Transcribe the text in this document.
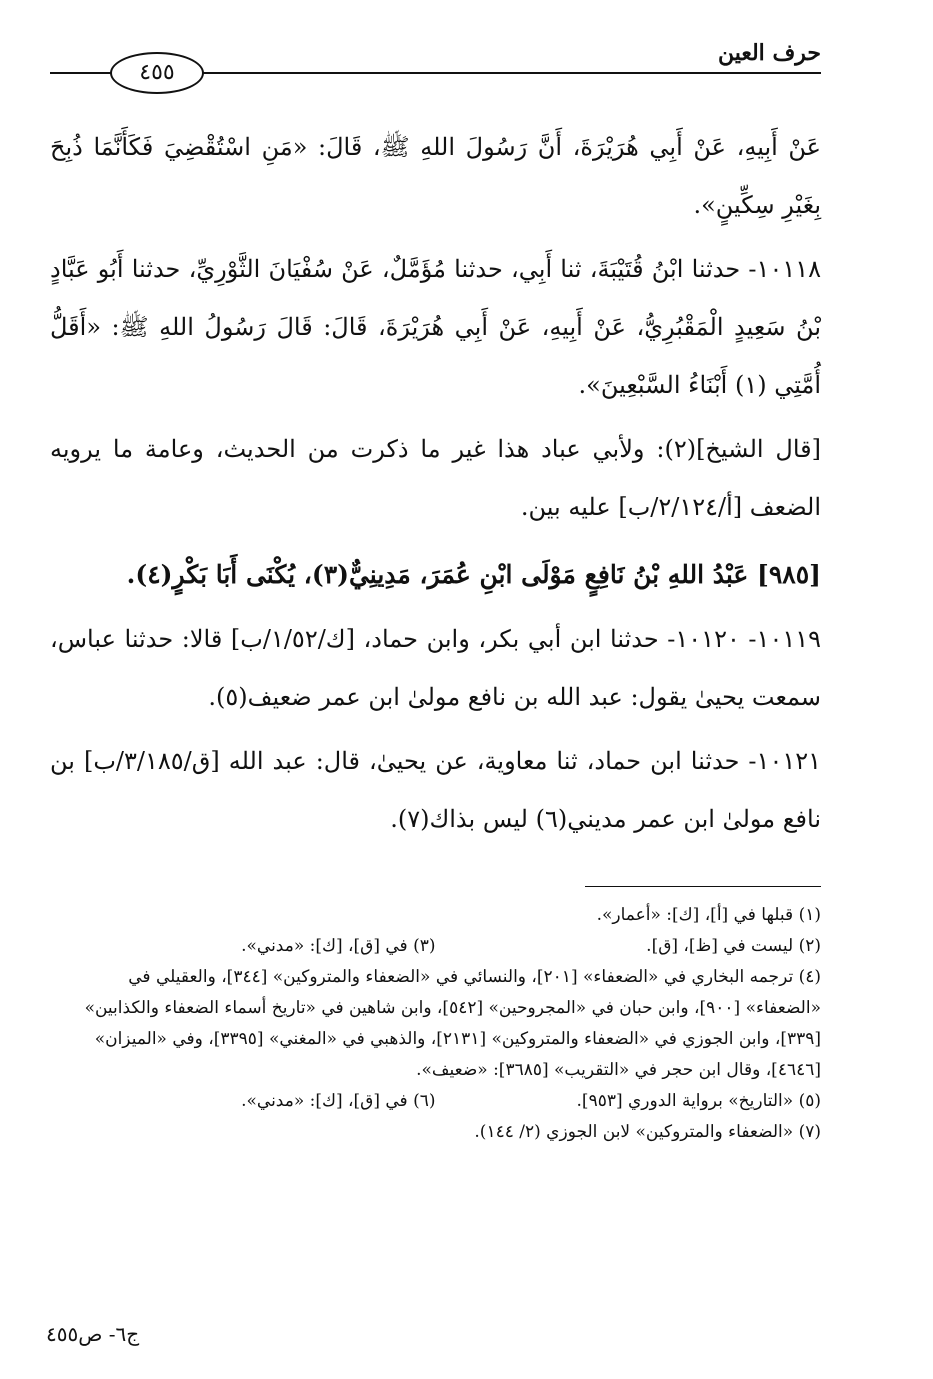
٤٥٥
حرف العين

عَنْ أَبِيهِ، عَنْ أَبِي هُرَيْرَةَ، أَنَّ رَسُولَ اللهِ ﷺ، قَالَ: «مَنِ اسْتُقْضِيَ فَكَأَنَّمَا ذُبِحَ بِغَيْرِ سِكِّينٍ».

١٠١١٨- حدثنا ابْنُ قُتَيْبَةَ، ثنا أَبِي، حدثنا مُؤَمَّلٌ، عَنْ سُفْيَانَ الثَّوْرِيِّ، حدثنا أَبُو عَبَّادٍ بْنُ سَعِيدٍ الْمَقْبُرِيُّ، عَنْ أَبِيهِ، عَنْ أَبِي هُرَيْرَةَ، قَالَ: قَالَ رَسُولُ اللهِ ﷺ: «أَقَلُّ أُمَّتِي (١) أَبْنَاءُ السَّبْعِينَ».

[قال الشيخ](٢): ولأبي عباد هذا غير ما ذكرت من الحديث، وعامة ما يرويه الضعف [أ/٢/١٢٤/ب] عليه بين.

[٩٨٥] عَبْدُ اللهِ بْنُ نَافِعٍ مَوْلَى ابْنِ عُمَرَ، مَدِينِيٌّ(٣)، يُكْنَى أَبَا بَكْرٍ(٤).

١٠١١٩- ١٠١٢٠- حدثنا ابن أبي بكر، وابن حماد، [ك/١/٥٢/ب] قالا: حدثنا عباس، سمعت يحيىٰ يقول: عبد الله بن نافع مولىٰ ابن عمر ضعيف(٥).

١٠١٢١- حدثنا ابن حماد، ثنا معاوية، عن يحيىٰ، قال: عبد الله [ق/٣/١٨٥/ب] بن نافع مولىٰ ابن عمر مديني(٦) ليس بذاك(٧).

(١) قبلها في [أ]، [ك]: «أعمار».

(٢) ليست في [ظ]، [ق].

(٣) في [ق]، [ك]: «مدني».

(٤) ترجمه البخاري في «الضعفاء» [٢٠١]، والنسائي في «الضعفاء والمتروكين» [٣٤٤]، والعقيلي في «الضعفاء» [٩٠٠]، وابن حبان في «المجروحين» [٥٤٢]، وابن شاهين في «تاريخ أسماء الضعفاء والكذابين» [٣٣٩]، وابن الجوزي في «الضعفاء والمتروكين» [٢١٣١]، والذهبي في «المغني» [٣٣٩٥]، وفي «الميزان» [٤٦٤٦]، وقال ابن حجر في «التقريب» [٣٦٨٥]: «ضعيف».

(٥) «التاريخ» برواية الدوري [٩٥٣].

(٦) في [ق]، [ك]: «مدني».

(٧) «الضعفاء والمتروكين» لابن الجوزي (٢/ ١٤٤).

ج٦- ص٤٥٥
